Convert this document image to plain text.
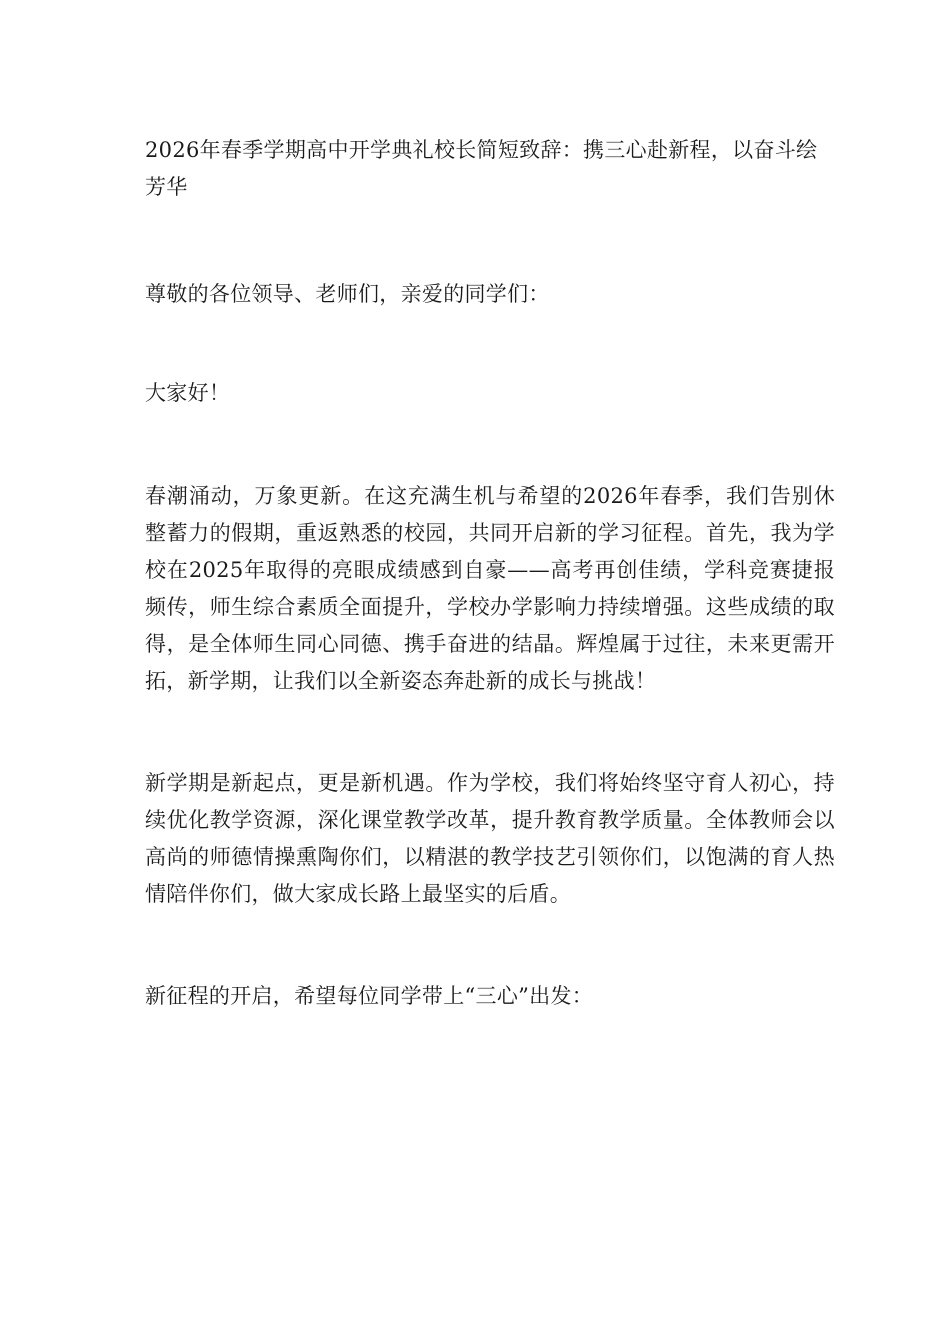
2026年春季学期高中开学典礼校长简短致辞：携三心赴新程，以奋斗绘芳华

尊敬的各位领导、老师们，亲爱的同学们：

大家好！

春潮涌动，万象更新。在这充满生机与希望的2026年春季，我们告别休整蓄力的假期，重返熟悉的校园，共同开启新的学习征程。首先，我为学校在2025年取得的亮眼成绩感到自豪——高考再创佳绩，学科竞赛捷报频传，师生综合素质全面提升，学校办学影响力持续增强。这些成绩的取得，是全体师生同心同德、携手奋进的结晶。辉煌属于过往，未来更需开拓，新学期，让我们以全新姿态奔赴新的成长与挑战！

新学期是新起点，更是新机遇。作为学校，我们将始终坚守育人初心，持续优化教学资源，深化课堂教学改革，提升教育教学质量。全体教师会以高尚的师德情操熏陶你们，以精湛的教学技艺引领你们，以饱满的育人热情陪伴你们，做大家成长路上最坚实的后盾。

新征程的开启，希望每位同学带上“三心”出发：
